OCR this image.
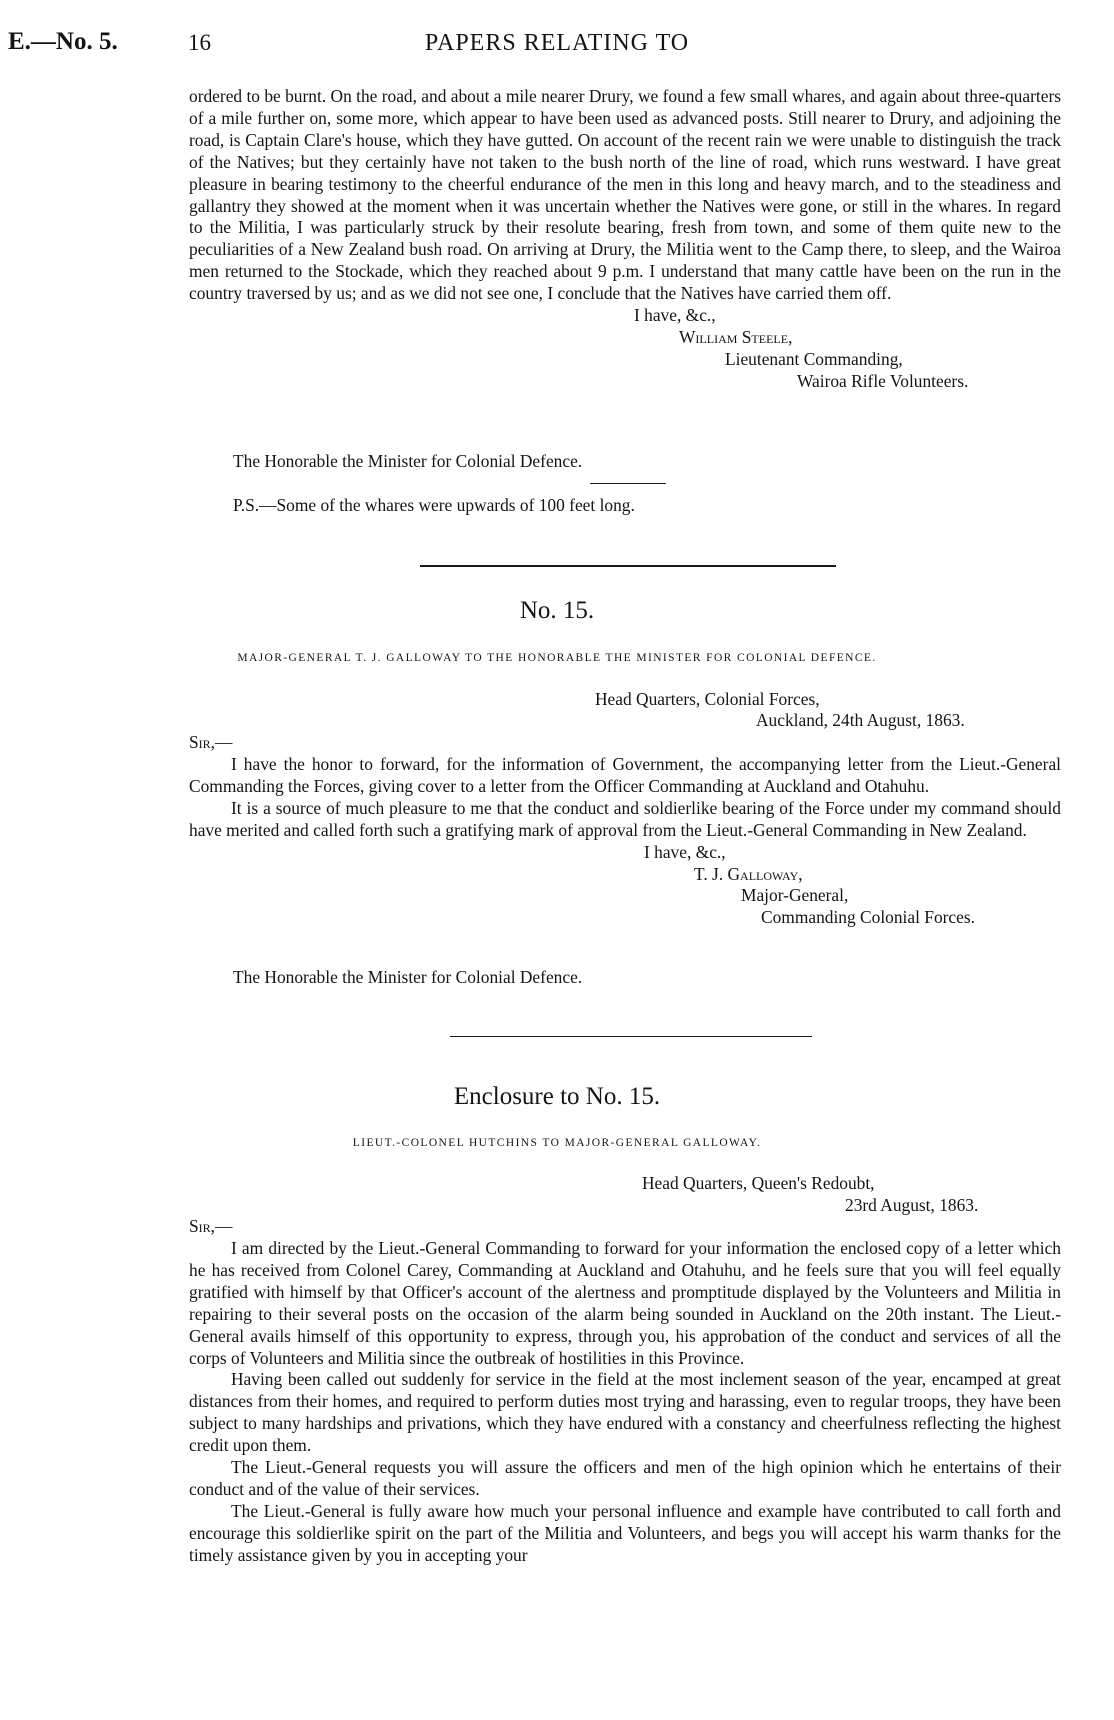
E.—No. 5.	16	PAPERS RELATING TO

ordered to be burnt. On the road, and about a mile nearer Drury, we found a few small whares, and again about three-quarters of a mile further on, some more, which appear to have been used as advanced posts. Still nearer to Drury, and adjoining the road, is Captain Clare's house, which they have gutted. On account of the recent rain we were unable to distinguish the track of the Natives; but they certainly have not taken to the bush north of the line of road, which runs westward. I have great pleasure in bearing testimony to the cheerful endurance of the men in this long and heavy march, and to the steadiness and gallantry they showed at the moment when it was uncertain whether the Natives were gone, or still in the whares. In regard to the Militia, I was particularly struck by their resolute bearing, fresh from town, and some of them quite new to the peculiarities of a New Zealand bush road. On arriving at Drury, the Militia went to the Camp there, to sleep, and the Wairoa men returned to the Stockade, which they reached about 9 p.m. I understand that many cattle have been on the run in the country traversed by us; and as we did not see one, I conclude that the Natives have carried them off.

I have, &c.,
William Steele,
Lieutenant Commanding,
Wairoa Rifle Volunteers.
The Honorable the Minister for Colonial Defence.
P.S.—Some of the whares were upwards of 100 feet long.
No. 15.
MAJOR-GENERAL T. J. GALLOWAY TO THE HONORABLE THE MINISTER FOR COLONIAL DEFENCE.
Head Quarters, Colonial Forces,
Auckland, 24th August, 1863.
Sir,—

I have the honor to forward, for the information of Government, the accompanying letter from the Lieut.-General Commanding the Forces, giving cover to a letter from the Officer Commanding at Auckland and Otahuhu.

It is a source of much pleasure to me that the conduct and soldierlike bearing of the Force under my command should have merited and called forth such a gratifying mark of approval from the Lieut.-General Commanding in New Zealand.

I have, &c.,
T. J. Galloway,
Major-General,
Commanding Colonial Forces.
The Honorable the Minister for Colonial Defence.
Enclosure to No. 15.
LIEUT.-COLONEL HUTCHINS TO MAJOR-GENERAL GALLOWAY.
Head Quarters, Queen's Redoubt,
23rd August, 1863.
Sir,—

I am directed by the Lieut.-General Commanding to forward for your information the enclosed copy of a letter which he has received from Colonel Carey, Commanding at Auckland and Otahuhu, and he feels sure that you will feel equally gratified with himself by that Officer's account of the alertness and promptitude displayed by the Volunteers and Militia in repairing to their several posts on the occasion of the alarm being sounded in Auckland on the 20th instant. The Lieut.-General avails himself of this opportunity to express, through you, his approbation of the conduct and services of all the corps of Volunteers and Militia since the outbreak of hostilities in this Province.

Having been called out suddenly for service in the field at the most inclement season of the year, encamped at great distances from their homes, and required to perform duties most trying and harassing, even to regular troops, they have been subject to many hardships and privations, which they have endured with a constancy and cheerfulness reflecting the highest credit upon them.

The Lieut.-General requests you will assure the officers and men of the high opinion which he entertains of their conduct and of the value of their services.

The Lieut.-General is fully aware how much your personal influence and example have contributed to call forth and encourage this soldierlike spirit on the part of the Militia and Volunteers, and begs you will accept his warm thanks for the timely assistance given by you in accepting your
